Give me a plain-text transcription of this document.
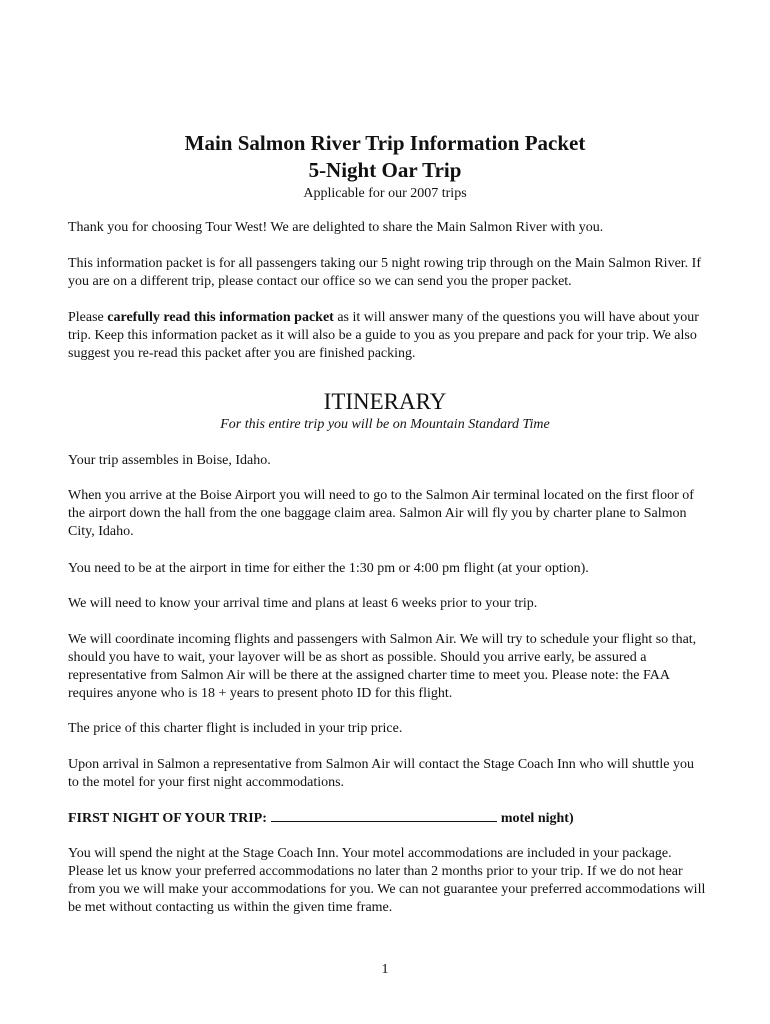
Main Salmon River Trip Information Packet
5-Night Oar Trip
Applicable for our 2007 trips

Thank you for choosing Tour West! We are delighted to share the Main Salmon River with you.

This information packet is for all passengers taking our 5 night rowing trip through on the Main Salmon River. If you are on a different trip, please contact our office so we can send you the proper packet.

Please carefully read this information packet as it will answer many of the questions you will have about your trip. Keep this information packet as it will also be a guide to you as you prepare and pack for your trip. We also suggest you re-read this packet after you are finished packing.

ITINERARY
For this entire trip you will be on Mountain Standard Time

Your trip assembles in Boise, Idaho.

When you arrive at the Boise Airport you will need to go to the Salmon Air terminal located on the first floor of the airport down the hall from the one baggage claim area. Salmon Air will fly you by charter plane to Salmon City, Idaho.

You need to be at the airport in time for either the 1:30 pm or 4:00 pm flight (at your option).

We will need to know your arrival time and plans at least 6 weeks prior to your trip.

We will coordinate incoming flights and passengers with Salmon Air. We will try to schedule your flight so that, should you have to wait, your layover will be as short as possible. Should you arrive early, be assured a representative from Salmon Air will be there at the assigned charter time to meet you. Please note: the FAA requires anyone who is 18 + years to present photo ID for this flight.

The price of this charter flight is included in your trip price.

Upon arrival in Salmon a representative from Salmon Air will contact the Stage Coach Inn who will shuttle you to the motel for your first night accommodations.

FIRST NIGHT OF YOUR TRIP:	motel night)

You will spend the night at the Stage Coach Inn. Your motel accommodations are included in your package. Please let us know your preferred accommodations no later than 2 months prior to your trip. If we do not hear from you we will make your accommodations for you. We can not guarantee your preferred accommodations will be met without contacting us within the given time frame.

1
